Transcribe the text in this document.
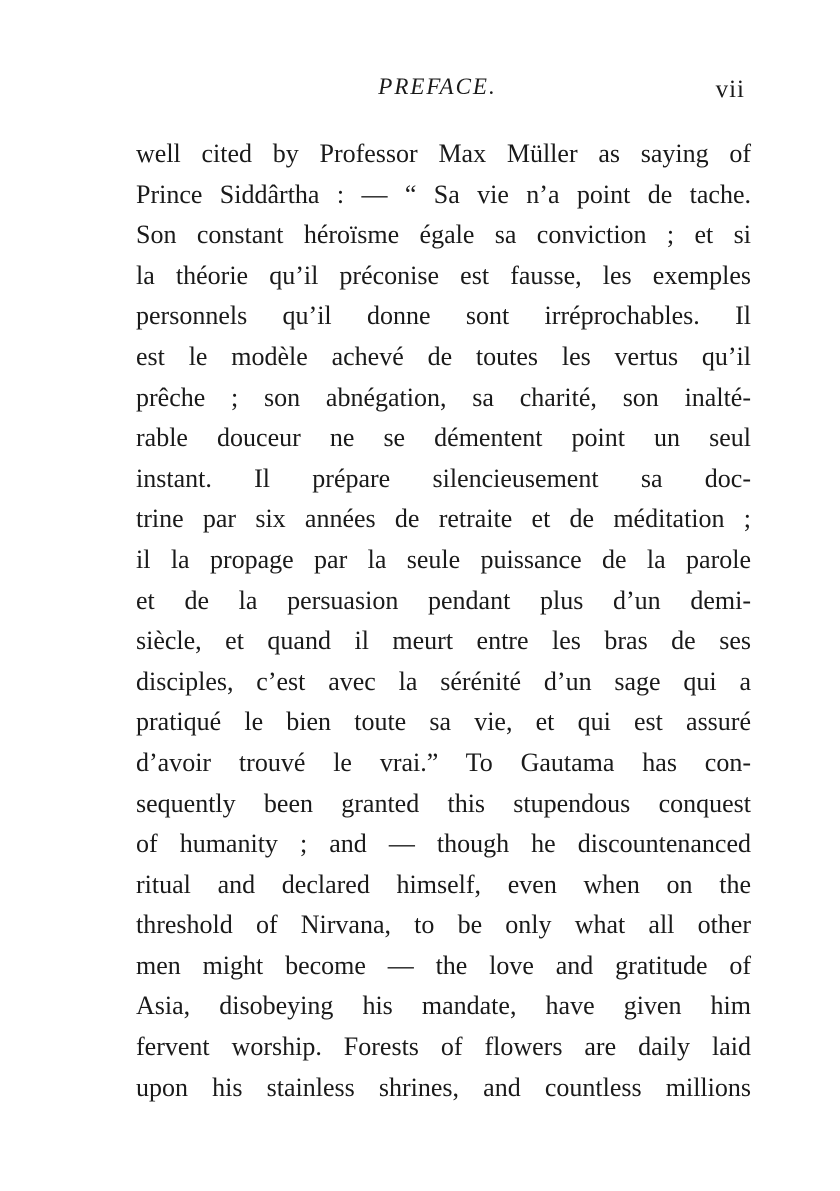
PREFACE.	vii
well cited by Professor Max Müller as saying of
Prince Siddârtha : — “ Sa vie n’a point de tache.
Son constant héroïsme égale sa conviction ; et si
la théorie qu’il préconise est fausse, les exemples
personnels qu’il donne sont irréprochables. Il
est le modèle achevé de toutes les vertus qu’il
prêche ; son abnégation, sa charité, son inalté-
rable douceur ne se démentent point un seul
instant. Il prépare silencieusement sa doc-
trine par six années de retraite et de méditation ;
il la propage par la seule puissance de la parole
et de la persuasion pendant plus d’un demi-
siècle, et quand il meurt entre les bras de ses
disciples, c’est avec la sérénité d’un sage qui a
pratiqué le bien toute sa vie, et qui est assuré
d’avoir trouvé le vrai.” To Gautama has con-
sequently been granted this stupendous conquest
of humanity ; and — though he discountenanced
ritual and declared himself, even when on the
threshold of Nirvana, to be only what all other
men might become — the love and gratitude of
Asia, disobeying his mandate, have given him
fervent worship. Forests of flowers are daily laid
upon his stainless shrines, and countless millions
